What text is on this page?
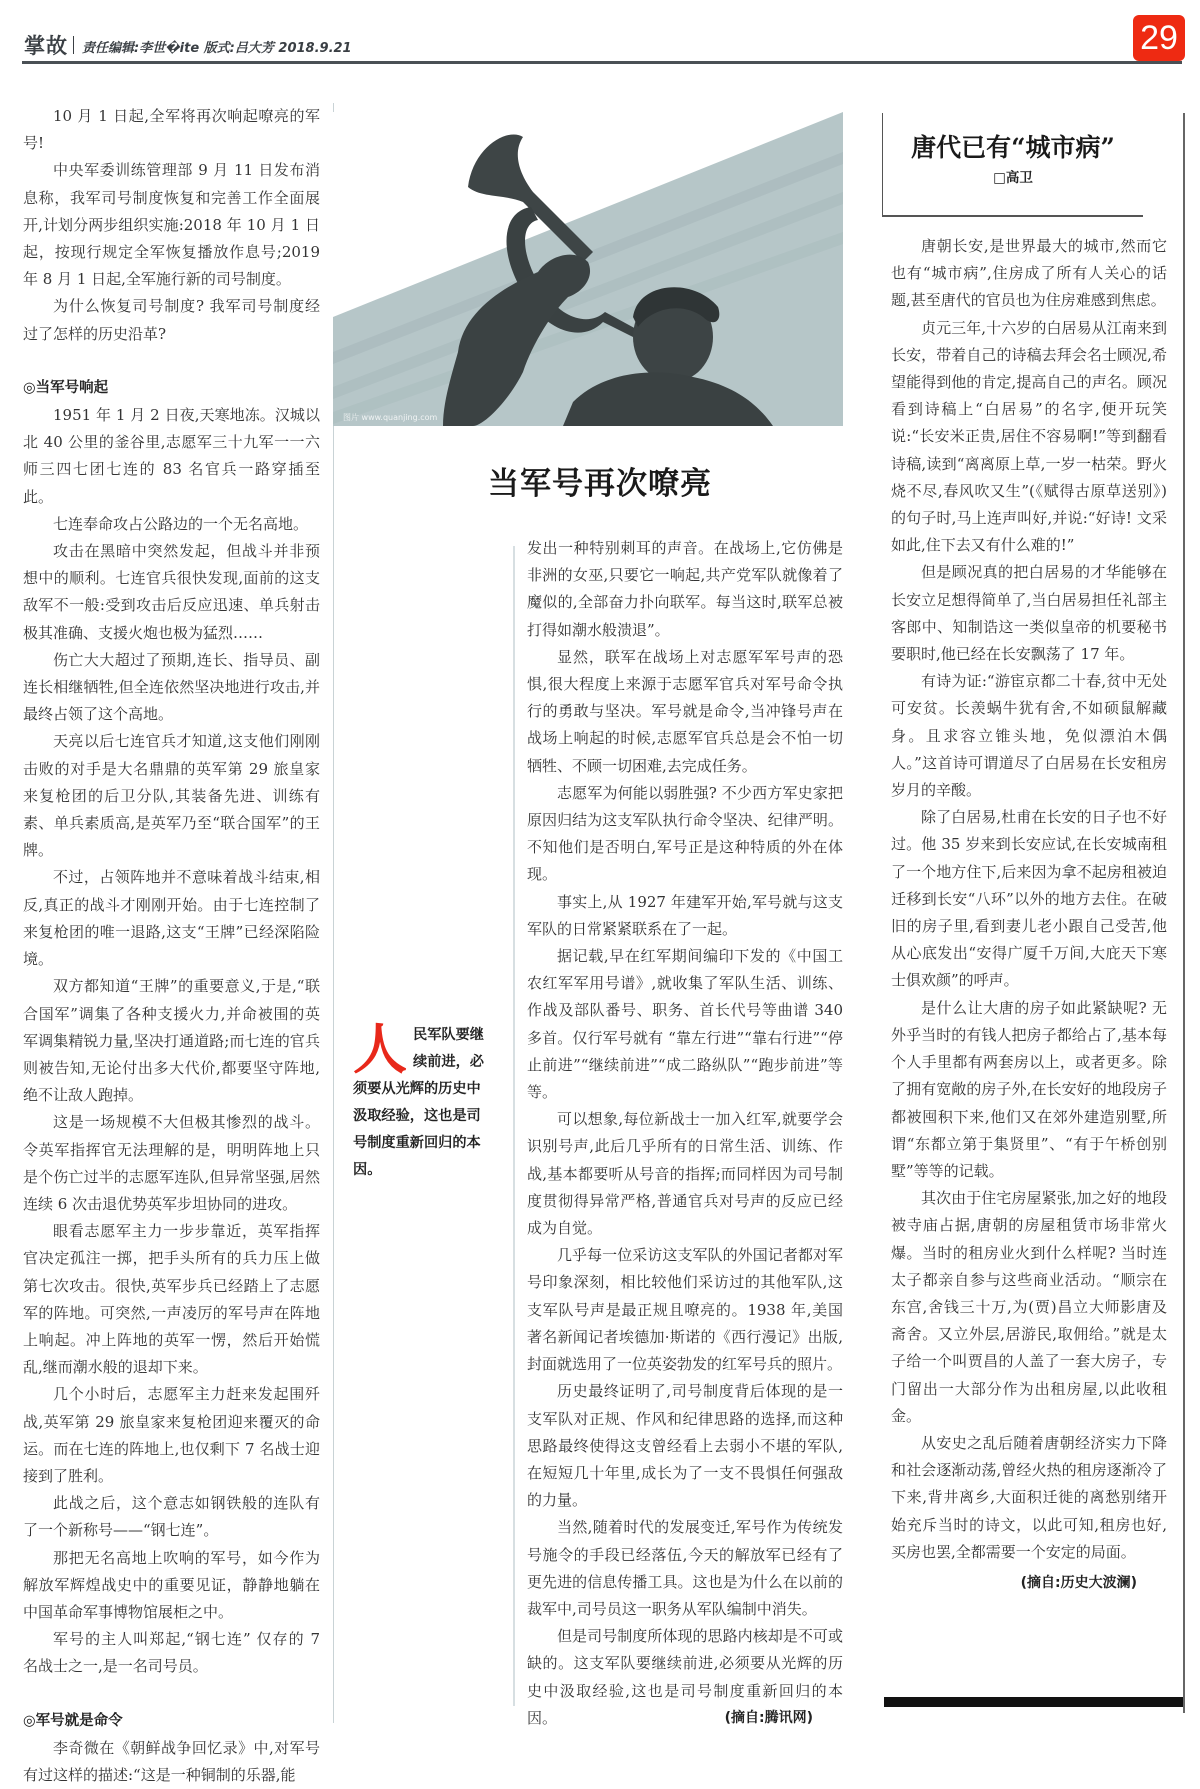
掌故 责任编辑:李世�ite 版式:吕大芳 2018.9.21	29

10 月 1 日起,全军将再次响起嘹亮的军号!

中央军委训练管理部 9 月 11 日发布消息称，我军司号制度恢复和完善工作全面展开,计划分两步组织实施:2018 年 10 月 1 日起，按现行规定全军恢复播放作息号;2019 年 8 月 1 日起,全军施行新的司号制度。

为什么恢复司号制度? 我军司号制度经过了怎样的历史沿革?

◎当军号响起

1951 年 1 月 2 日夜,天寒地冻。汉城以北 40 公里的釜谷里,志愿军三十九军一一六师三四七团七连的 83 名官兵一路穿插至此。

七连奉命攻占公路边的一个无名高地。

攻击在黑暗中突然发起，但战斗并非预想中的顺利。七连官兵很快发现,面前的这支敌军不一般:受到攻击后反应迅速、单兵射击极其准确、支援火炮也极为猛烈……

伤亡大大超过了预期,连长、指导员、副连长相继牺牲,但全连依然坚决地进行攻击,并最终占领了这个高地。

天亮以后七连官兵才知道,这支他们刚刚击败的对手是大名鼎鼎的英军第 29 旅皇家来复枪团的后卫分队,其装备先进、训练有素、单兵素质高,是英军乃至“联合国军”的王牌。

不过，占领阵地并不意味着战斗结束,相反,真正的战斗才刚刚开始。由于七连控制了来复枪团的唯一退路,这支“王牌”已经深陷险境。

双方都知道“王牌”的重要意义,于是,“联合国军”调集了各种支援火力,并命被围的英军调集精锐力量,坚决打通道路;而七连的官兵则被告知,无论付出多大代价,都要坚守阵地,绝不让敌人跑掉。

这是一场规模不大但极其惨烈的战斗。令英军指挥官无法理解的是，明明阵地上只是个伤亡过半的志愿军连队,但异常坚强,居然连续 6 次击退优势英军步坦协同的进攻。

眼看志愿军主力一步步靠近，英军指挥官决定孤注一掷，把手头所有的兵力压上做第七次攻击。很快,英军步兵已经踏上了志愿军的阵地。可突然,一声凌厉的军号声在阵地上响起。冲上阵地的英军一愣，然后开始慌乱,继而潮水般的退却下来。

几个小时后，志愿军主力赶来发起围歼战,英军第 29 旅皇家来复枪团迎来覆灭的命运。而在七连的阵地上,也仅剩下 7 名战士迎接到了胜利。

此战之后，这个意志如钢铁般的连队有了一个新称号——“钢七连”。

那把无名高地上吹响的军号，如今作为解放军辉煌战史中的重要见证，静静地躺在中国革命军事博物馆展柜之中。

军号的主人叫郑起,“钢七连” 仅存的 7 名战士之一,是一名司号员。

◎军号就是命令

李奇微在《朝鲜战争回忆录》中,对军号有过这样的描述:“这是一种铜制的乐器,能

图片 www.quanjing.com
当军号再次嘹亮
人民军队要继续前进，必须要从光辉的历史中汲取经验，这也是司号制度重新回归的本因。

发出一种特别刺耳的声音。在战场上,它仿佛是非洲的女巫,只要它一响起,共产党军队就像着了魔似的,全部奋力扑向联军。每当这时,联军总被打得如潮水般溃退”。

显然，联军在战场上对志愿军军号声的恐惧,很大程度上来源于志愿军官兵对军号命令执行的勇敢与坚决。军号就是命令,当冲锋号声在战场上响起的时候,志愿军官兵总是会不怕一切牺牲、不顾一切困难,去完成任务。

志愿军为何能以弱胜强? 不少西方军史家把原因归结为这支军队执行命令坚决、纪律严明。不知他们是否明白,军号正是这种特质的外在体现。

事实上,从 1927 年建军开始,军号就与这支军队的日常紧紧联系在了一起。

据记载,早在红军期间编印下发的《中国工农红军军用号谱》,就收集了军队生活、训练、作战及部队番号、职务、首长代号等曲谱 340 多首。仅行军号就有 “靠左行进”“靠右行进”“停止前进”“继续前进”“成二路纵队”“跑步前进”等等。

可以想象,每位新战士一加入红军,就要学会识别号声,此后几乎所有的日常生活、训练、作战,基本都要听从号音的指挥;而同样因为司号制度贯彻得异常严格,普通官兵对号声的反应已经成为自觉。

几乎每一位采访这支军队的外国记者都对军号印象深刻，相比较他们采访过的其他军队,这支军队号声是最正规且嘹亮的。1938 年,美国著名新闻记者埃德加·斯诺的《西行漫记》出版,封面就选用了一位英姿勃发的红军号兵的照片。

历史最终证明了,司号制度背后体现的是一支军队对正规、作风和纪律思路的选择,而这种思路最终使得这支曾经看上去弱小不堪的军队,在短短几十年里,成长为了一支不畏惧任何强敌的力量。

当然,随着时代的发展变迁,军号作为传统发号施令的手段已经落伍,今天的解放军已经有了更先进的信息传播工具。这也是为什么在以前的裁军中,司号员这一职务从军队编制中消失。

但是司号制度所体现的思路内核却是不可或缺的。这支军队要继续前进,必须要从光辉的历史中汲取经验,这也是司号制度重新回归的本因。	(摘自:腾讯网)

唐代已有“城市病”
□高卫

唐朝长安,是世界最大的城市,然而它也有“城市病”,住房成了所有人关心的话题,甚至唐代的官员也为住房难感到焦虑。

贞元三年,十六岁的白居易从江南来到长安，带着自己的诗稿去拜会名士顾况,希望能得到他的肯定,提高自己的声名。顾况看到诗稿上“白居易”的名字,便开玩笑说:“长安米正贵,居住不容易啊!”等到翻看诗稿,读到“离离原上草,一岁一枯荣。野火烧不尽,春风吹又生”(《赋得古原草送别》)的句子时,马上连声叫好,并说:“好诗! 文采如此,住下去又有什么难的!”

但是顾况真的把白居易的才华能够在长安立足想得简单了,当白居易担任礼部主客郎中、知制诰这一类似皇帝的机要秘书要职时,他已经在长安飘荡了 17 年。

有诗为证:“游宦京都二十春,贫中无处可安贫。长羡蜗牛犹有舍,不如硕鼠解藏身。且求容立锥头地，免似漂泊木偶人。”这首诗可谓道尽了白居易在长安租房岁月的辛酸。

除了白居易,杜甫在长安的日子也不好过。他 35 岁来到长安应试,在长安城南租了一个地方住下,后来因为拿不起房租被迫迁移到长安“八环”以外的地方去住。在破旧的房子里,看到妻儿老小跟自己受苦,他从心底发出“安得广厦千万间,大庇天下寒士俱欢颜”的呼声。

是什么让大唐的房子如此紧缺呢? 无外乎当时的有钱人把房子都给占了,基本每个人手里都有两套房以上，或者更多。除了拥有宽敞的房子外,在长安好的地段房子都被囤积下来,他们又在郊外建造别墅,所谓“东都立第于集贤里”、“有于午桥创别墅”等等的记载。

其次由于住宅房屋紧张,加之好的地段被寺庙占据,唐朝的房屋租赁市场非常火爆。当时的租房业火到什么样呢? 当时连太子都亲自参与这些商业活动。“顺宗在东宫,舍钱三十万,为(贾)昌立大师影唐及斋舍。又立外层,居游民,取佣给。”就是太子给一个叫贾昌的人盖了一套大房子，专门留出一大部分作为出租房屋,以此收租金。

从安史之乱后随着唐朝经济实力下降和社会逐渐动荡,曾经火热的租房逐渐冷了下来,背井离乡,大面积迁徙的离愁别绪开始充斥当时的诗文，以此可知,租房也好,买房也罢,全都需要一个安定的局面。

(摘自:历史大波澜)
